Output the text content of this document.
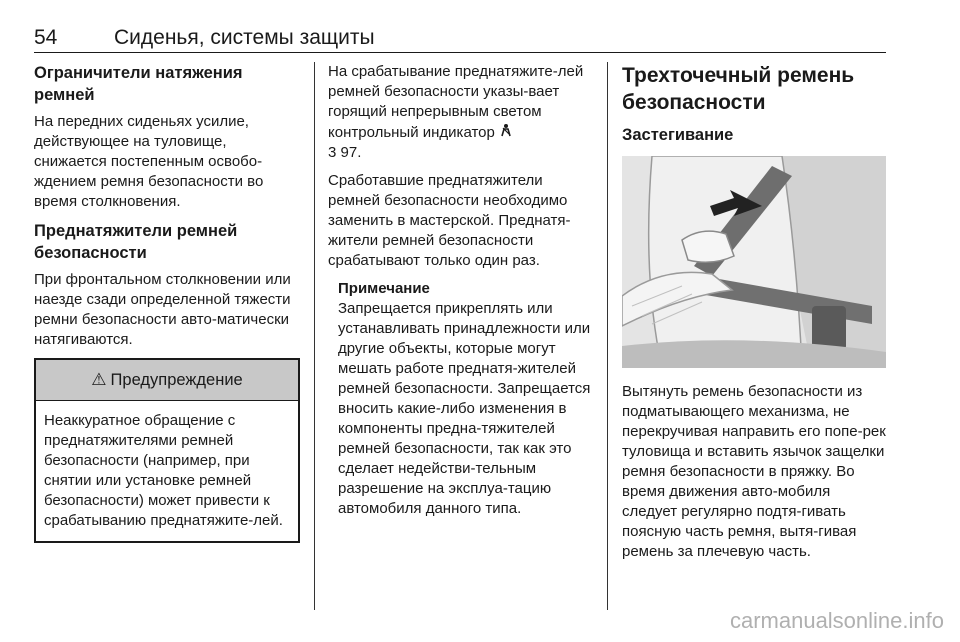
54	Сиденья, системы защиты
Ограничители натяжения ремней

На передних сиденьях усилие, действующее на туловище, снижается постепенным освобо-ждением ремня безопасности во время столкновения.

Преднатяжители ремней безопасности

При фронтальном столкновении или наезде сзади определенной тяжести ремни безопасности авто-матически натягиваются.

⚠ Предупреждение

Неаккуратное обращение с преднатяжителями ремней безопасности (например, при снятии или установке ремней безопасности) может привести к срабатыванию преднатяжите-лей.

На срабатывание преднатяжите-лей ремней безопасности указы-вает горящий непрерывным светом контрольный индикатор
3 97.

Сработавшие преднатяжители ремней безопасности необходимо заменить в мастерской. Преднатя-жители ремней безопасности срабатывают только один раз.

Примечание

Запрещается прикреплять или устанавливать принадлежности или другие объекты, которые могут мешать работе преднатя-жителей ремней безопасности. Запрещается вносить какие-либо изменения в компоненты предна-тяжителей ремней безопасности, так как это сделает недействи-тельным разрешение на эксплуа-тацию автомобиля данного типа.

Трехточечный ремень безопасности
Застегивание

Вытянуть ремень безопасности из подматывающего механизма, не перекручивая направить его попе-рек туловища и вставить язычок защелки ремня безопасности в пряжку. Во время движения авто-мобиля следует регулярно подтя-гивать поясную часть ремня, вытя-гивая ремень за плечевую часть.

carmanualsonline.info
